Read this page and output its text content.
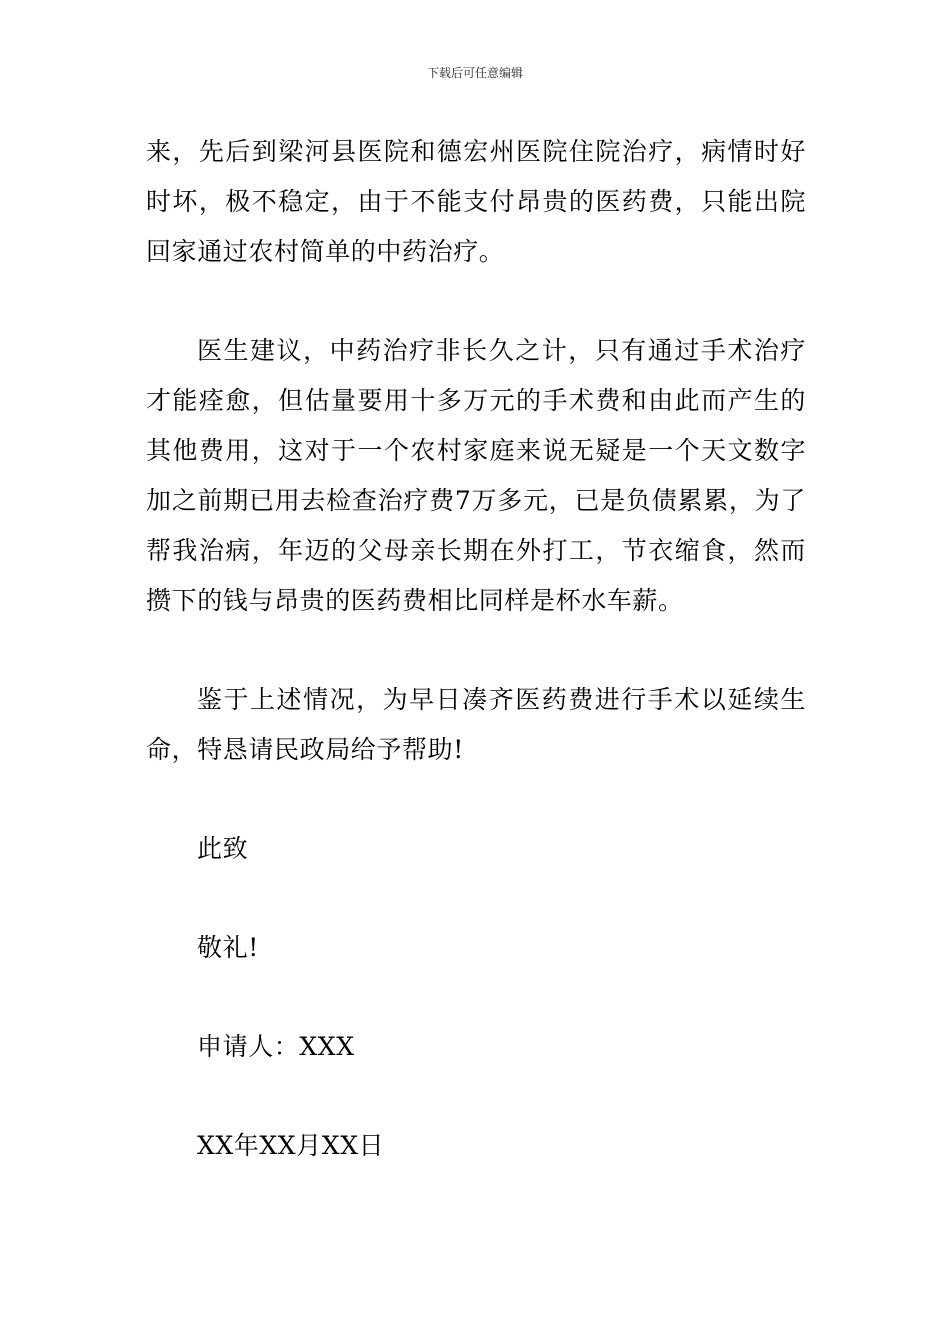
下载后可任意编辑

来，先后到梁河县医院和德宏州医院住院治疗，病情时好时坏，极不稳定，由于不能支付昂贵的医药费，只能出院回家通过农村简单的中药治疗。

医生建议，中药治疗非长久之计，只有通过手术治疗才能痊愈，但估量要用十多万元的手术费和由此而产生的其他费用，这对于一个农村家庭来说无疑是一个天文数字加之前期已用去检查治疗费7万多元，已是负债累累，为了帮我治病，年迈的父母亲长期在外打工，节衣缩食，然而攒下的钱与昂贵的医药费相比同样是杯水车薪。

鉴于上述情况，为早日凑齐医药费进行手术以延续生命，特恳请民政局给予帮助!

此致

敬礼!

申请人：XXX

XX年XX月XX日
